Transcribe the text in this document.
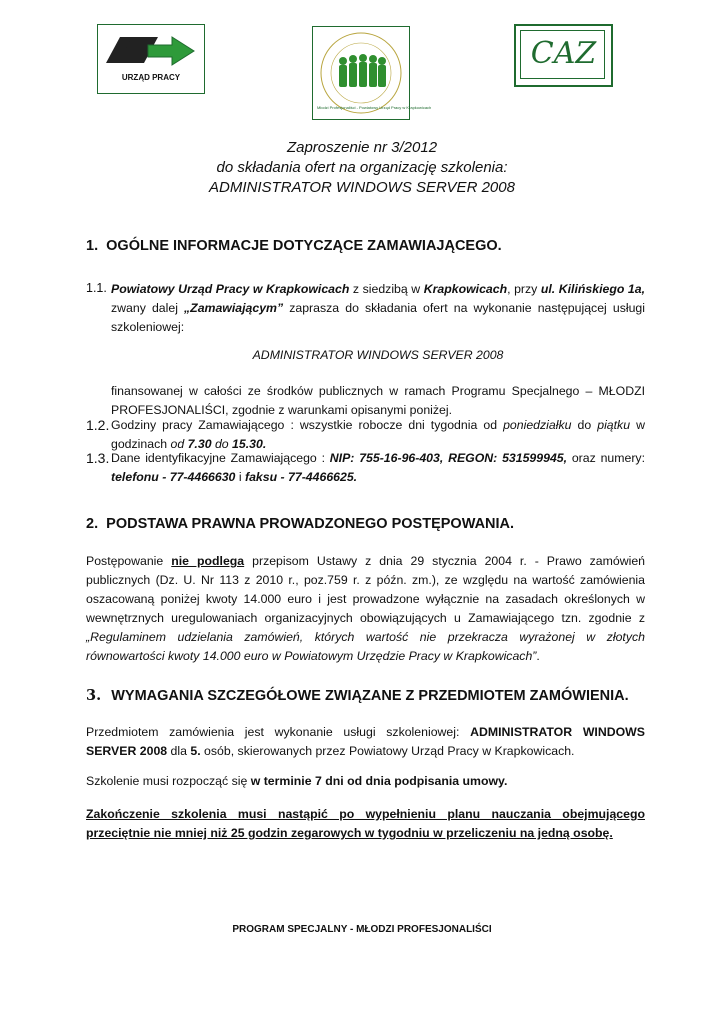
URZĄD PRACY
Młodzi Profesjonaliści - Powiatowy Urząd Pracy w Krapkowicach
CAZ
Zaproszenie nr 3/2012
do składania ofert na organizację szkolenia:
ADMINISTRATOR WINDOWS SERVER 2008
1. OGÓLNE INFORMACJE DOTYCZĄCE ZAMAWIAJĄCEGO.
1.1. Powiatowy Urząd Pracy w Krapkowicach z siedzibą w Krapkowicach, przy ul. Kilińskiego 1a, zwany dalej „Zamawiającym” zaprasza do składania ofert na wykonanie następującej usługi szkoleniowej:
ADMINISTRATOR WINDOWS SERVER 2008
finansowanej w całości ze środków publicznych w ramach Programu Specjalnego – MŁODZI PROFESJONALIŚCI, zgodnie z warunkami opisanymi poniżej.
1.2. Godziny pracy Zamawiającego : wszystkie robocze dni tygodnia od poniedziałku do piątku w godzinach od 7.30 do 15.30.
1.3. Dane identyfikacyjne Zamawiającego : NIP: 755-16-96-403, REGON: 531599945, oraz numery: telefonu - 77-4466630 i faksu - 77-4466625.
2. PODSTAWA PRAWNA PROWADZONEGO POSTĘPOWANIA.
Postępowanie nie podlega przepisom Ustawy z dnia 29 stycznia 2004 r. - Prawo zamówień publicznych (Dz. U. Nr 113 z 2010 r., poz.759 r. z późn. zm.), ze względu na wartość zamówienia oszacowaną poniżej kwoty 14.000 euro i jest prowadzone wyłącznie na zasadach określonych w wewnętrznych uregulowaniach organizacyjnych obowiązujących u Zamawiającego tzn. zgodnie z „Regulaminem udzielania zamówień, których wartość nie przekracza wyrażonej w złotych równowartości kwoty 14.000 euro w Powiatowym Urzędzie Pracy w Krapkowicach”.
3. WYMAGANIA SZCZEGÓŁOWE ZWIĄZANE Z PRZEDMIOTEM ZAMÓWIENIA.
Przedmiotem zamówienia jest wykonanie usługi szkoleniowej: ADMINISTRATOR WINDOWS SERVER 2008 dla 5. osób, skierowanych przez Powiatowy Urząd Pracy w Krapkowicach.
Szkolenie musi rozpocząć się w terminie 7 dni od dnia podpisania umowy.
Zakończenie szkolenia musi nastąpić po wypełnieniu planu nauczania obejmującego przeciętnie nie mniej niż 25 godzin zegarowych w tygodniu w przeliczeniu na jedną osobę.
PROGRAM SPECJALNY - MŁODZI PROFESJONALIŚCI
